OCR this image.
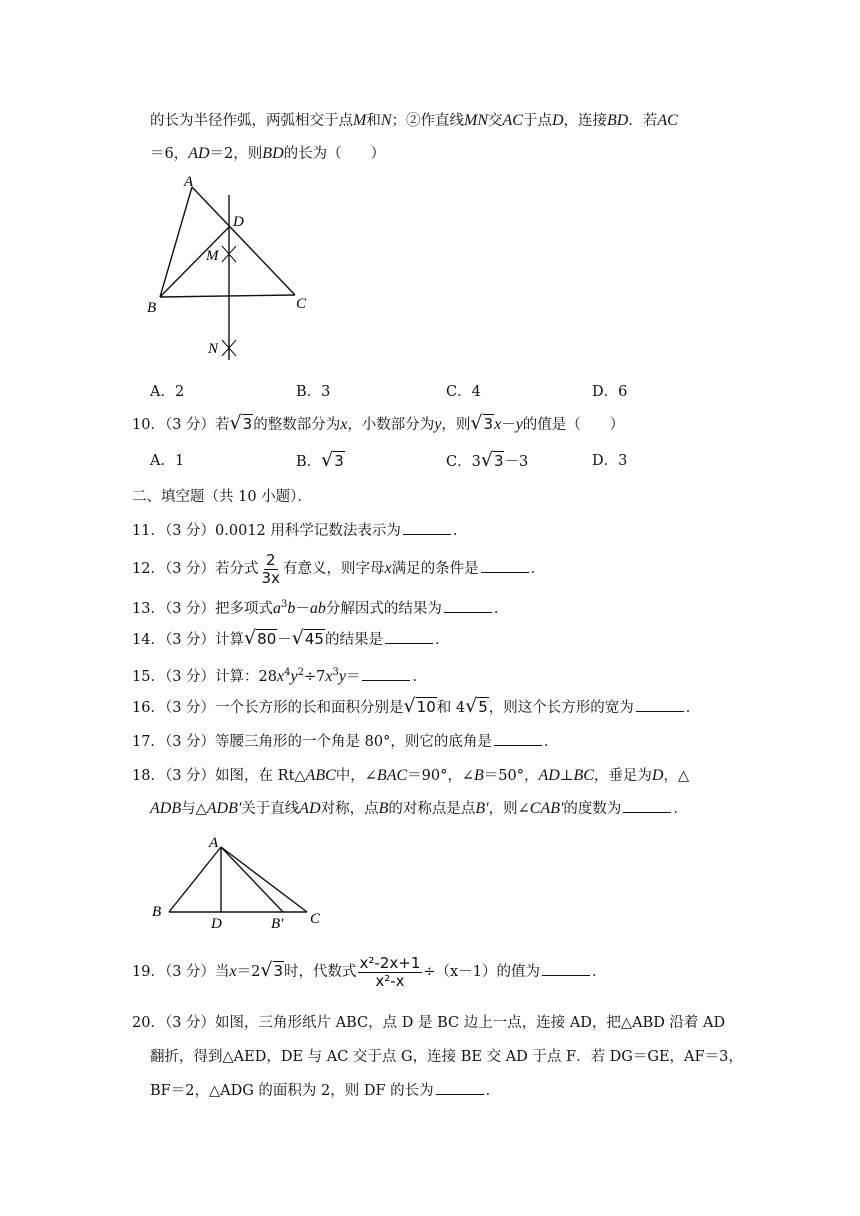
的长为半径作弧，两弧相交于点M和N；②作直线MN交AC于点D，连接BD．若AC
＝6，AD＝2，则BD的长为（　　）
A
D
M
B	C
N
A．2	B．3	C．4	D．6
10．（3 分）若 √ 3 的整数部分为x，小数部分为y，则 √ 3 x－y的值是（　　）
A．1	B． √ 3	C．3 √ 3 －3	D．3
二、填空题（共 10 小题）．
11．（3 分）0.0012 用科学记数法表示为	．
12．（3 分）若分式 $\frac{2}{3x}$ 有意义，则字母x满足的条件是	．
13．（3 分）把多项式$a^3b-ab$分解因式的结果为	．
14．（3 分）计算 √ 80 － √ 45 的结果是	．
15．（3 分）计算：$28x^4y^2\div 7x^3y=$	．
16．（3 分）一个长方形的长和面积分别是 √ 10 和 4 √ 5 ，则这个长方形的宽为	．
17．（3 分）等腰三角形的一个角是 80°，则它的底角是	．
18．（3 分）如图，在 Rt△ABC中，∠BAC＝90°，∠B＝50°，AD⊥BC，垂足为D，△
ADB与△ADB'关于直线AD对称，点B的对称点是点B'，则∠CAB'的度数为	．
A
B
D	B′ C
19．（3 分）当x＝2 √ 3 时，代数式 $\frac{\text{x²-2x+1}}{\text{x²-x}} \div(x-1)$的值为	．
20．（3 分）如图，三角形纸片 ABC，点 D 是 BC 边上一点，连接 AD，把△ABD 沿着 AD
翻折，得到△AED，DE 与 AC 交于点 G，连接 BE 交 AD 于点 F．若 DG＝GE，AF＝3，
BF＝2，△ADG 的面积为 2，则 DF 的长为	．
